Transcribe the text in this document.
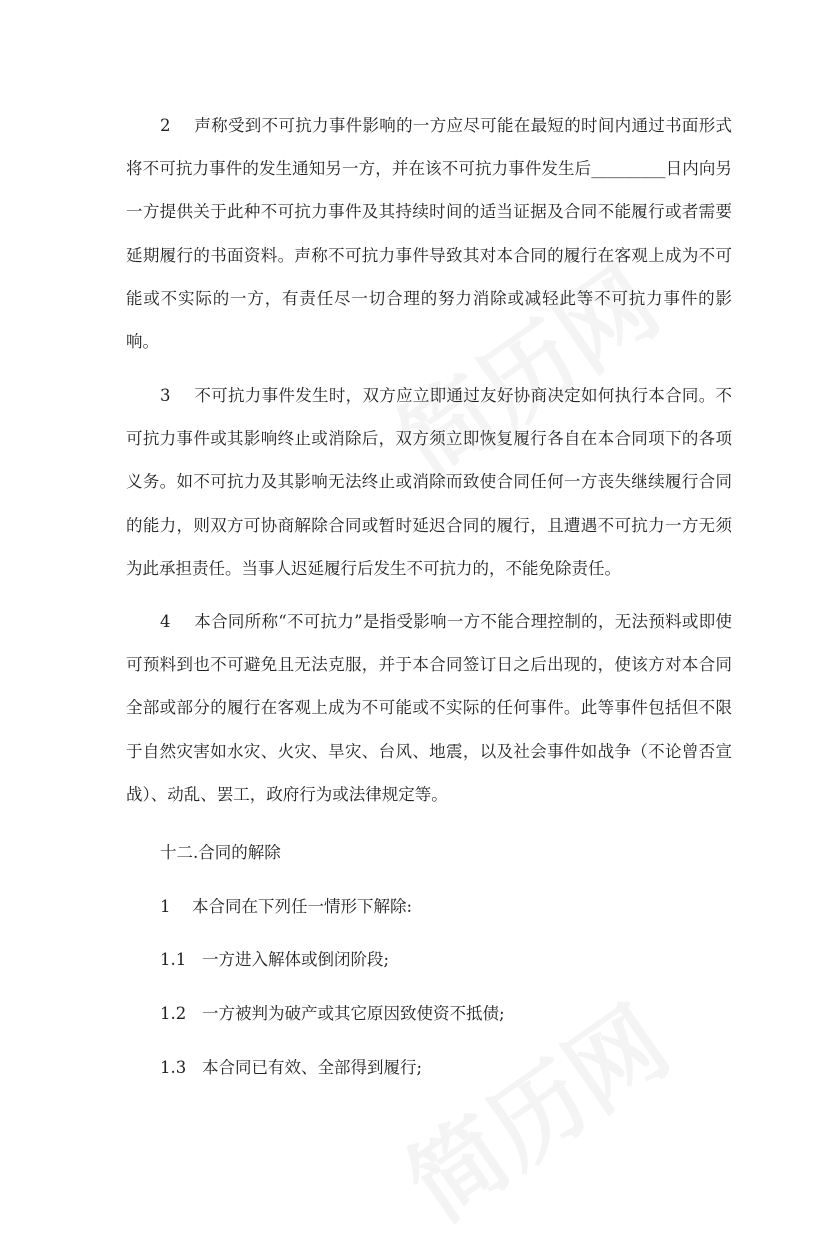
2 声称受到不可抗力事件影响的一方应尽可能在最短的时间内通过书面形式将不可抗力事件的发生通知另一方，并在该不可抗力事件发生后_________日内向另一方提供关于此种不可抗力事件及其持续时间的适当证据及合同不能履行或者需要延期履行的书面资料。声称不可抗力事件导致其对本合同的履行在客观上成为不可能或不实际的一方，有责任尽一切合理的努力消除或减轻此等不可抗力事件的影响。

3 不可抗力事件发生时，双方应立即通过友好协商决定如何执行本合同。不可抗力事件或其影响终止或消除后，双方须立即恢复履行各自在本合同项下的各项义务。如不可抗力及其影响无法终止或消除而致使合同任何一方丧失继续履行合同的能力，则双方可协商解除合同或暂时延迟合同的履行，且遭遇不可抗力一方无须为此承担责任。当事人迟延履行后发生不可抗力的，不能免除责任。

4 本合同所称“不可抗力”是指受影响一方不能合理控制的，无法预料或即使可预料到也不可避免且无法克服，并于本合同签订日之后出现的，使该方对本合同全部或部分的履行在客观上成为不可能或不实际的任何事件。此等事件包括但不限于自然灾害如水灾、火灾、旱灾、台风、地震，以及社会事件如战争（不论曾否宣战）、动乱、罢工，政府行为或法律规定等。

十二.合同的解除
1 本合同在下列任一情形下解除:
1.1 一方进入解体或倒闭阶段;
1.2 一方被判为破产或其它原因致使资不抵债;
1.3 本合同已有效、全部得到履行;
